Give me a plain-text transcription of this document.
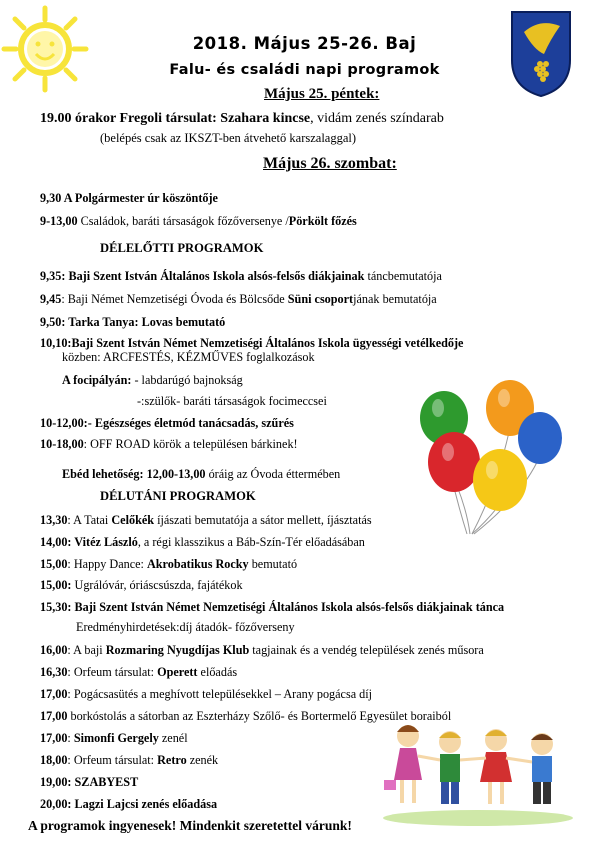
2018. Május 25-26. Baj
Falu- és családi napi programok
Május 25. péntek:
19.00 órakor Fregoli társulat: Szahara kincse, vidám zenés színdarab
(belépés csak az IKSZT-ben átvehető karszalaggal)
Május 26. szombat:
9,30 A Polgármester úr köszöntője
9-13,00 Családok, baráti társaságok főzőversenye /Pörkölt főzés
DÉLELŐTTI PROGRAMOK
9,35: Baji Szent István Általános Iskola alsós-felsős diákjainak táncbemutatója
9,45: Baji Német Nemzetiségi Óvoda és Bölcsőde Süni csoportjának bemutatója
9,50: Tarka Tanya: Lovas bemutató
10,10:Baji Szent István Német Nemzetiségi Általános Iskola ügyességi vetélkedője
közben: ARCFESTÉS, KÉZMŰVES foglalkozások
A focipályán: - labdarúgó bajnokság
-:szülők- baráti társaságok focimeccsei
10-12,00:- Egészséges életmód tanácsadás, szűrés
10-18,00: OFF ROAD körök a településen bárkinek!
Ebéd lehetőség: 12,00-13,00 óráig az Óvoda éttermében
DÉLUTÁNI PROGRAMOK
13,30: A Tatai Celőkék íjászati bemutatója a sátor mellett, íjásztatás
14,00: Vitéz László, a régi klasszikus a Báb-Szín-Tér előadásában
15,00: Happy Dance: Akrobatikus Rocky bemutató
15,00: Ugrálóvár, óriáscsúszda, fajátékok
15,30: Baji Szent István Német Nemzetiségi Általános Iskola alsós-felsős diákjainak tánca
Eredményhirdetések:díj átadók- főzőverseny
16,00: A baji Rozmaring Nyugdíjas Klub tagjainak és a vendég települések zenés műsora
16,30: Orfeum társulat: Operett előadás
17,00: Pogácsasütés a meghívott településekkel – Arany pogácsa díj
17,00 borkóstolás a sátorban az Eszterházy Szőlő- és Bortermelő Egyesület boraiból
17,00: Simonfi Gergely zenél
18,00: Orfeum társulat: Retro zenék
19,00: SZABYEST
20,00: Lagzi Lajcsi zenés előadása
A programok ingyenesek! Mindenkit szeretettel várunk!
